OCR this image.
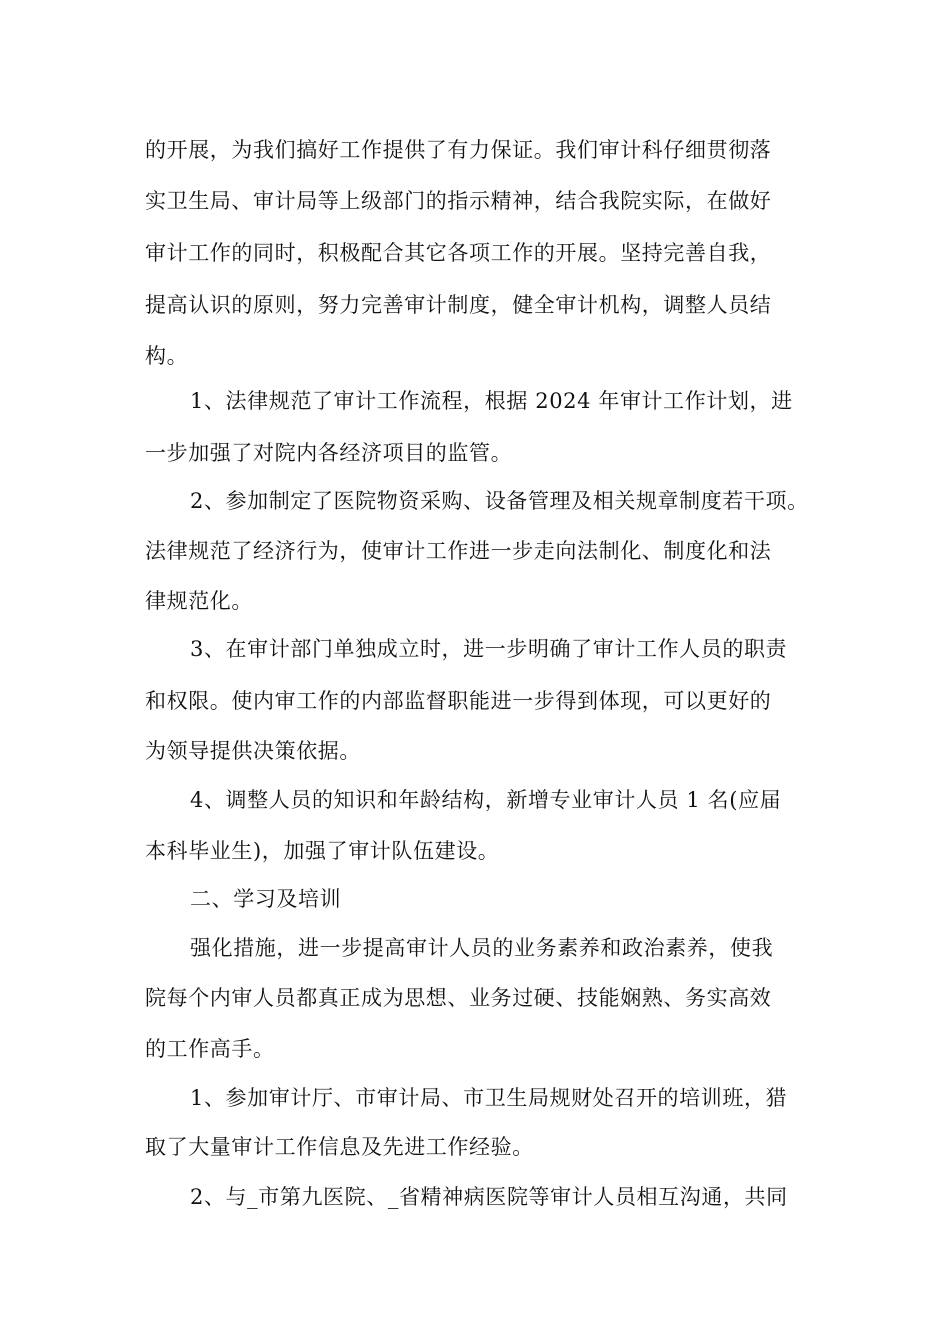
的开展，为我们搞好工作提供了有力保证。我们审计科仔细贯彻落
实卫生局、审计局等上级部门的指示精神，结合我院实际，在做好
审计工作的同时，积极配合其它各项工作的开展。坚持完善自我，
提高认识的原则，努力完善审计制度，健全审计机构，调整人员结
构。
1、法律规范了审计工作流程，根据 2024 年审计工作计划，进
一步加强了对院内各经济项目的监管。
2、参加制定了医院物资采购、设备管理及相关规章制度若干项。
法律规范了经济行为，使审计工作进一步走向法制化、制度化和法
律规范化。
3、在审计部门单独成立时，进一步明确了审计工作人员的职责
和权限。使内审工作的内部监督职能进一步得到体现，可以更好的
为领导提供决策依据。
4、调整人员的知识和年龄结构，新增专业审计人员 1 名(应届
本科毕业生)，加强了审计队伍建设。
二、学习及培训
强化措施，进一步提高审计人员的业务素养和政治素养，使我
院每个内审人员都真正成为思想、业务过硬、技能娴熟、务实高效
的工作高手。
1、参加审计厅、市审计局、市卫生局规财处召开的培训班，猎
取了大量审计工作信息及先进工作经验。
2、与_市第九医院、_省精神病医院等审计人员相互沟通，共同
